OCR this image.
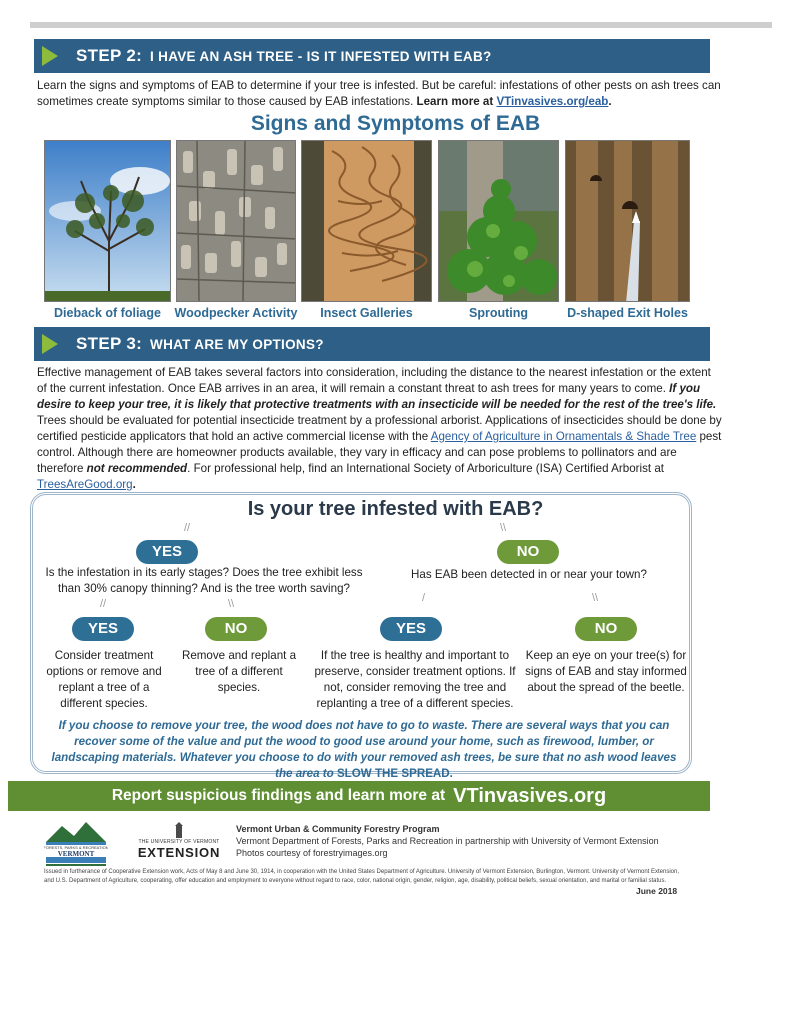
STEP 2: I HAVE AN ASH TREE - IS IT INFESTED WITH EAB?
Learn the signs and symptoms of EAB to determine if your tree is infested. But be careful: infestations of other pests on ash trees can sometimes create symptoms similar to those caused by EAB infestations. Learn more at VTinvasives.org/eab.
Signs and Symptoms of EAB
Dieback of foliage	Woodpecker Activity	Insect Galleries	Sprouting	D-shaped Exit Holes
STEP 3: WHAT ARE MY OPTIONS?
Effective management of EAB takes several factors into consideration, including the distance to the nearest infestation or the extent of the current infestation. Once EAB arrives in an area, it will remain a constant threat to ash trees for many years to come. If you desire to keep your tree, it is likely that protective treatments with an insecticide will be needed for the rest of the tree's life. Trees should be evaluated for potential insecticide treatment by a professional arborist. Applications of insecticides should be done by certified pesticide applicators that hold an active commercial license with the Agency of Agriculture in Ornamentals & Shade Tree pest control. Although there are homeowner products available, they vary in efficacy and can pose problems to pollinators and are therefore not recommended. For professional help, find an International Society of Arboriculture (ISA) Certified Arborist at TreesAreGood.org.
Is your tree infested with EAB?
//	\\
YES	NO
Is the infestation in its early stages? Does the tree exhibit less than 30% canopy thinning? And is the tree worth saving?
Has EAB been detected in or near your town?
//	\\	/	\\
YES	NO	YES	NO
Consider treatment options or remove and replant a tree of a different species.
Remove and replant a tree of a different species.
If the tree is healthy and important to preserve, consider treatment options. If not, consider removing the tree and replanting a tree of a different species.
Keep an eye on your tree(s) for signs of EAB and stay informed about the spread of the beetle.
If you choose to remove your tree, the wood does not have to go to waste. There are several ways that you can recover some of the value and put the wood to good use around your home, such as firewood, lumber, or landscaping materials. Whatever you choose to do with your removed ash trees, be sure that no ash wood leaves the area to SLOW THE SPREAD.
Report suspicious findings and learn more at VTinvasives.org
FORESTS, PARKS & RECREATION
VERMONT
THE UNIVERSITY OF VERMONT
EXTENSION
Vermont Urban & Community Forestry Program
Vermont Department of Forests, Parks and Recreation in partnership with University of Vermont Extension
Photos courtesy of forestryimages.org
Issued in furtherance of Cooperative Extension work, Acts of May 8 and June 30, 1914, in cooperation with the United States Department of Agriculture. University of Vermont Extension, Burlington, Vermont. University of Vermont Extension, and U.S. Department of Agriculture, cooperating, offer education and employment to everyone without regard to race, color, national origin, gender, religion, age, disability, political beliefs, sexual orientation, and marital or familial status.
June 2018
